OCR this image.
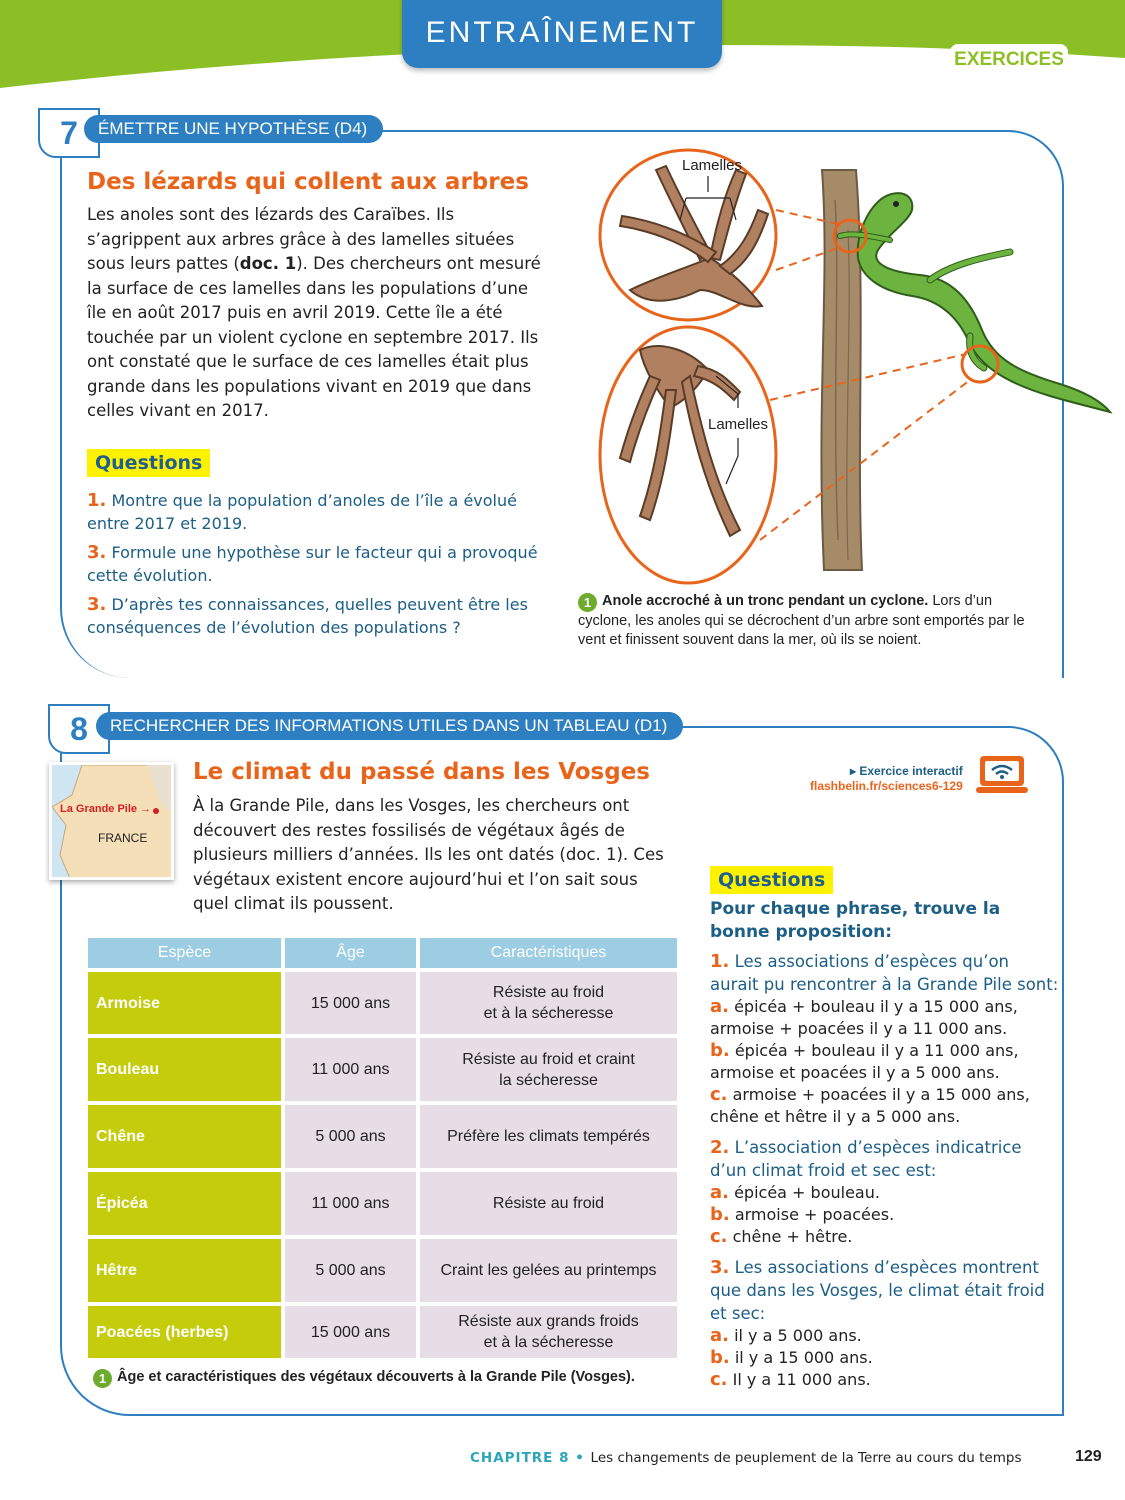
ENTRAÎNEMENT
EXERCICES
7	ÉMETTRE UNE HYPOTHÈSE (D4)
Des lézards qui collent aux arbres
Les anoles sont des lézards des Caraïbes. Ils s’agrippent aux arbres grâce à des lamelles situées sous leurs pattes (doc. 1). Des chercheurs ont mesuré la surface de ces lamelles dans les populations d’une île en août 2017 puis en avril 2019. Cette île a été touchée par un violent cyclone en septembre 2017. Ils ont constaté que le surface de ces lamelles était plus grande dans les populations vivant en 2019 que dans celles vivant en 2017.
Questions
1. Montre que la population d’anoles de l’île a évolué entre 2017 et 2019.
3. Formule une hypothèse sur le facteur qui a provoqué cette évolution.
3. D’après tes connaissances, quelles peuvent être les conséquences de l’évolution des populations ?
Lamelles
Lamelles
1 Anole accroché à un tronc pendant un cyclone. Lors d’un cyclone, les anoles qui se décrochent d’un arbre sont emportés par le vent et finissent souvent dans la mer, où ils se noient.
8	RECHERCHER DES INFORMATIONS UTILES DANS UN TABLEAU (D1)
La Grande Pile →
FRANCE
Le climat du passé dans les Vosges
À la Grande Pile, dans les Vosges, les chercheurs ont découvert des restes fossilisés de végétaux âgés de plusieurs milliers d’années. Ils les ont datés (doc. 1). Ces végétaux existent encore aujourd’hui et l’on sait sous quel climat ils poussent.
▸ Exercice interactif
flashbelin.fr/sciences6-129
Espèce	Âge	Caractéristiques
Armoise	15 000 ans	Résiste au froid
et à la sécheresse

Bouleau	11 000 ans	Résiste au froid et craint
la sécheresse

Chêne	5 000 ans	Préfère les climats tempérés

Épicéa	11 000 ans	Résiste au froid

Hêtre	5 000 ans	Craint les gelées au printemps

Poacées (herbes)	15 000 ans	Résiste aux grands froids
et à la sécheresse
1 Âge et caractéristiques des végétaux découverts à la Grande Pile (Vosges).
Questions
Pour chaque phrase, trouve la bonne proposition:
1. Les associations d’espèces qu’on aurait pu rencontrer à la Grande Pile sont:
a. épicéa + bouleau il y a 15 000 ans, armoise + poacées il y a 11 000 ans.
b. épicéa + bouleau il y a 11 000 ans, armoise et poacées il y a 5 000 ans.
c. armoise + poacées il y a 15 000 ans, chêne et hêtre il y a 5 000 ans.
2. L’association d’espèces indicatrice d’un climat froid et sec est:
a. épicéa + bouleau.
b. armoise + poacées.
c. chêne + hêtre.
3. Les associations d’espèces montrent que dans les Vosges, le climat était froid et sec:
a. il y a 5 000 ans.
b. il y a 15 000 ans.
c. Il y a 11 000 ans.
CHAPITRE 8 • Les changements de peuplement de la Terre au cours du temps	129
